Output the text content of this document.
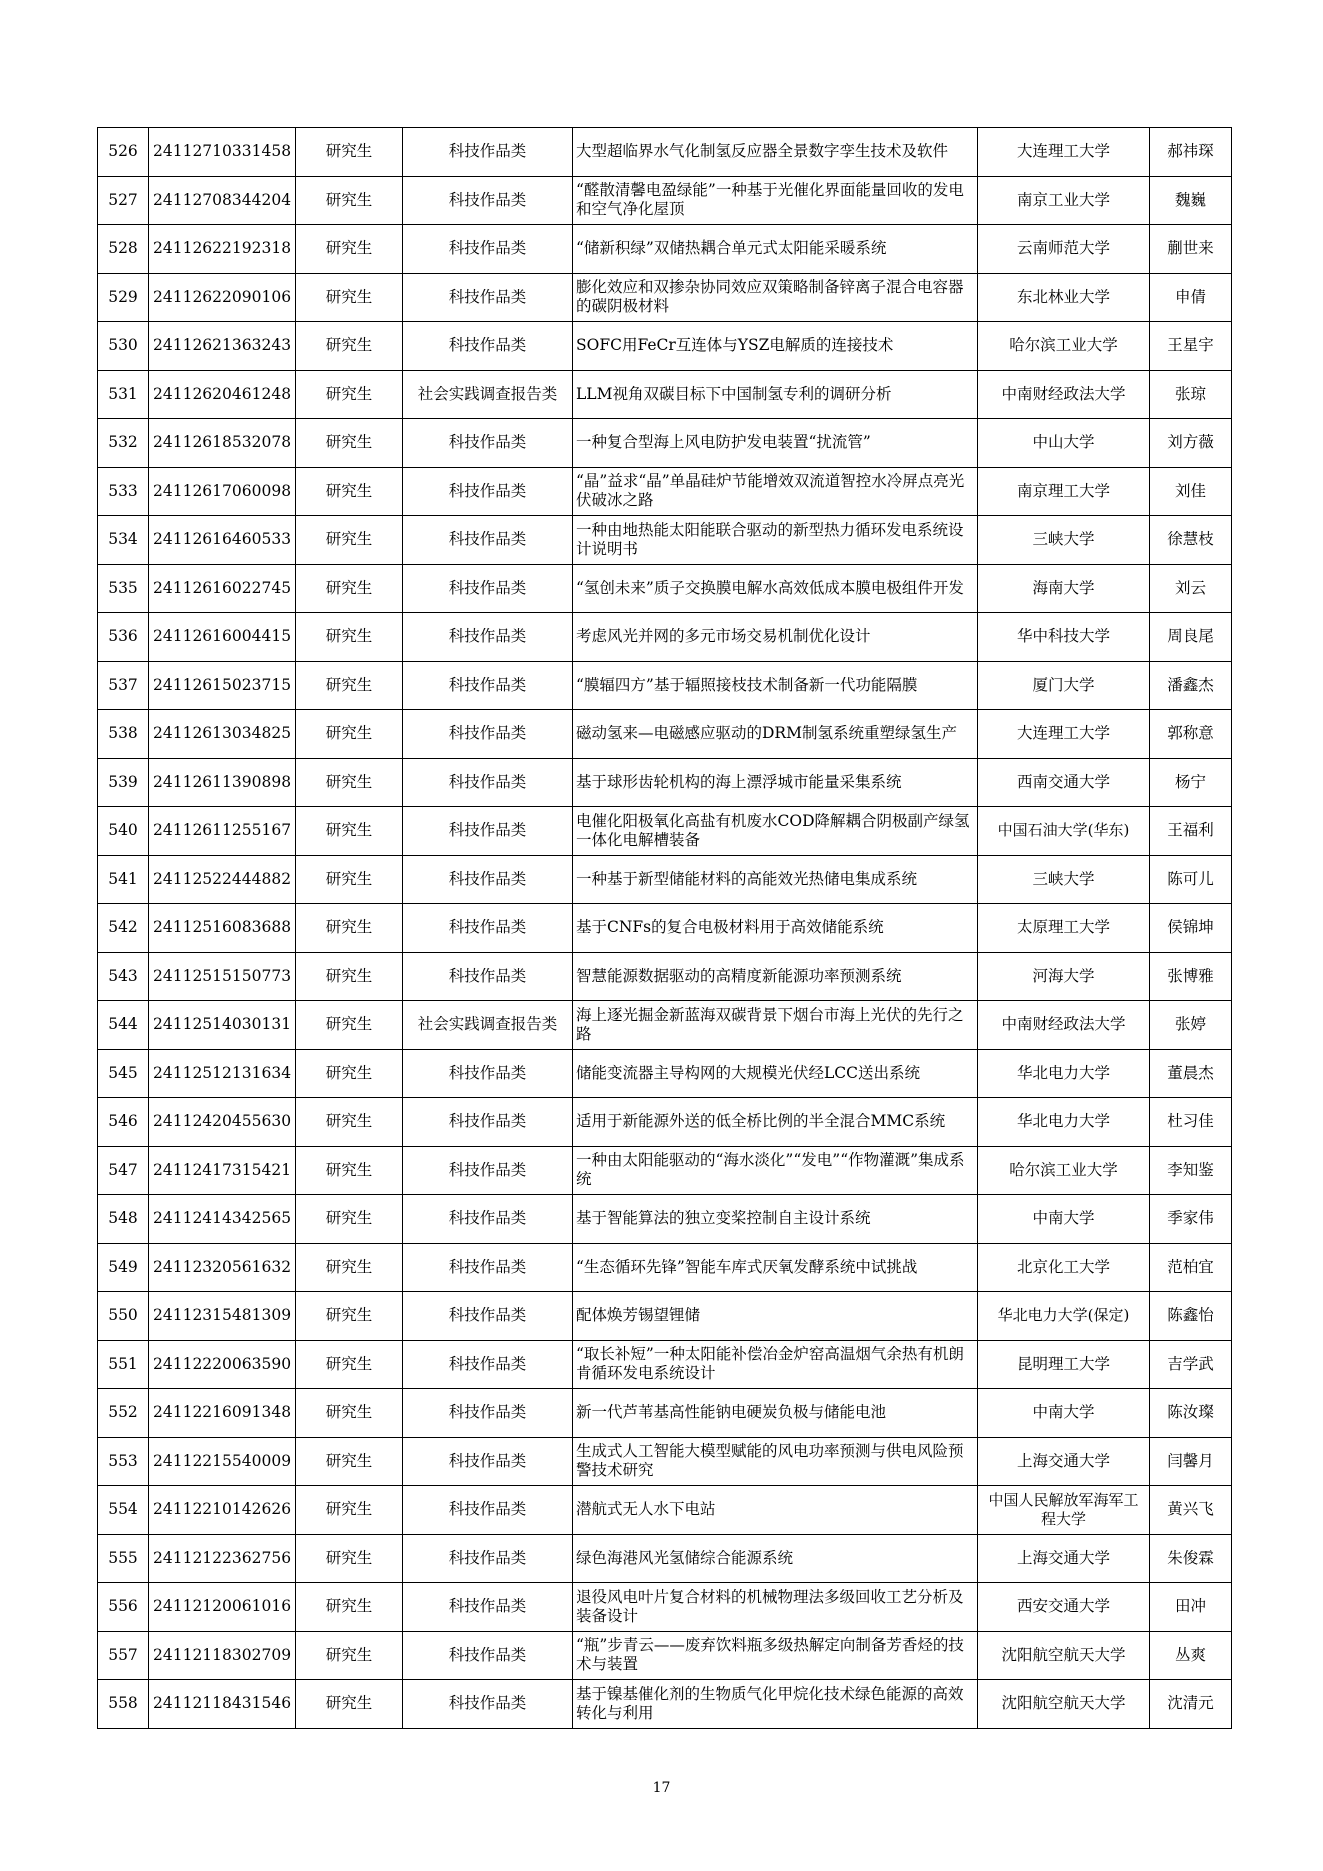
526	24112710331458	研究生	科技作品类	大型超临界水气化制氢反应器全景数字孪生技术及软件	大连理工大学	郝祎琛
527	24112708344204	研究生	科技作品类	“醛散清馨电盈绿能”一种基于光催化界面能量回收的发电和空气净化屋顶	南京工业大学	魏巍
528	24112622192318	研究生	科技作品类	“储新积绿”双储热耦合单元式太阳能采暖系统	云南师范大学	蒯世来
529	24112622090106	研究生	科技作品类	膨化效应和双掺杂协同效应双策略制备锌离子混合电容器的碳阴极材料	东北林业大学	申倩
530	24112621363243	研究生	科技作品类	SOFC用FeCr互连体与YSZ电解质的连接技术	哈尔滨工业大学	王星宇
531	24112620461248	研究生	社会实践调查报告类	LLM视角双碳目标下中国制氢专利的调研分析	中南财经政法大学	张琼
532	24112618532078	研究生	科技作品类	一种复合型海上风电防护发电装置“扰流管”	中山大学	刘方薇
533	24112617060098	研究生	科技作品类	“晶”益求“晶”单晶硅炉节能增效双流道智控水冷屏点亮光伏破冰之路	南京理工大学	刘佳
534	24112616460533	研究生	科技作品类	一种由地热能太阳能联合驱动的新型热力循环发电系统设计说明书	三峡大学	徐慧枝
535	24112616022745	研究生	科技作品类	“氢创未来”质子交换膜电解水高效低成本膜电极组件开发	海南大学	刘云
536	24112616004415	研究生	科技作品类	考虑风光并网的多元市场交易机制优化设计	华中科技大学	周良尾
537	24112615023715	研究生	科技作品类	“膜辐四方”基于辐照接枝技术制备新一代功能隔膜	厦门大学	潘鑫杰
538	24112613034825	研究生	科技作品类	磁动氢来—电磁感应驱动的DRM制氢系统重塑绿氢生产	大连理工大学	郭称意
539	24112611390898	研究生	科技作品类	基于球形齿轮机构的海上漂浮城市能量采集系统	西南交通大学	杨宁
540	24112611255167	研究生	科技作品类	电催化阳极氧化高盐有机废水COD降解耦合阴极副产绿氢一体化电解槽装备	中国石油大学(华东)	王福利
541	24112522444882	研究生	科技作品类	一种基于新型储能材料的高能效光热储电集成系统	三峡大学	陈可儿
542	24112516083688	研究生	科技作品类	基于CNFs的复合电极材料用于高效储能系统	太原理工大学	侯锦坤
543	24112515150773	研究生	科技作品类	智慧能源数据驱动的高精度新能源功率预测系统	河海大学	张博雅
544	24112514030131	研究生	社会实践调查报告类	海上逐光掘金新蓝海双碳背景下烟台市海上光伏的先行之路	中南财经政法大学	张婷
545	24112512131634	研究生	科技作品类	储能变流器主导构网的大规模光伏经LCC送出系统	华北电力大学	董晨杰
546	24112420455630	研究生	科技作品类	适用于新能源外送的低全桥比例的半全混合MMC系统	华北电力大学	杜习佳
547	24112417315421	研究生	科技作品类	一种由太阳能驱动的“海水淡化”“发电”“作物灌溉”集成系统	哈尔滨工业大学	李知鉴
548	24112414342565	研究生	科技作品类	基于智能算法的独立变桨控制自主设计系统	中南大学	季家伟
549	24112320561632	研究生	科技作品类	“生态循环先锋”智能车库式厌氧发酵系统中试挑战	北京化工大学	范柏宜
550	24112315481309	研究生	科技作品类	配体焕芳锡望锂储	华北电力大学(保定)	陈鑫怡
551	24112220063590	研究生	科技作品类	“取长补短”一种太阳能补偿冶金炉窑高温烟气余热有机朗肯循环发电系统设计	昆明理工大学	吉学武
552	24112216091348	研究生	科技作品类	新一代芦苇基高性能钠电硬炭负极与储能电池	中南大学	陈汝璨
553	24112215540009	研究生	科技作品类	生成式人工智能大模型赋能的风电功率预测与供电风险预警技术研究	上海交通大学	闫馨月
554	24112210142626	研究生	科技作品类	潜航式无人水下电站	中国人民解放军海军工程大学	黄兴飞
555	24112122362756	研究生	科技作品类	绿色海港风光氢储综合能源系统	上海交通大学	朱俊霖
556	24112120061016	研究生	科技作品类	退役风电叶片复合材料的机械物理法多级回收工艺分析及装备设计	西安交通大学	田冲
557	24112118302709	研究生	科技作品类	“瓶”步青云——废弃饮料瓶多级热解定向制备芳香烃的技术与装置	沈阳航空航天大学	丛爽
558	24112118431546	研究生	科技作品类	基于镍基催化剂的生物质气化甲烷化技术绿色能源的高效转化与利用	沈阳航空航天大学	沈清元
17
